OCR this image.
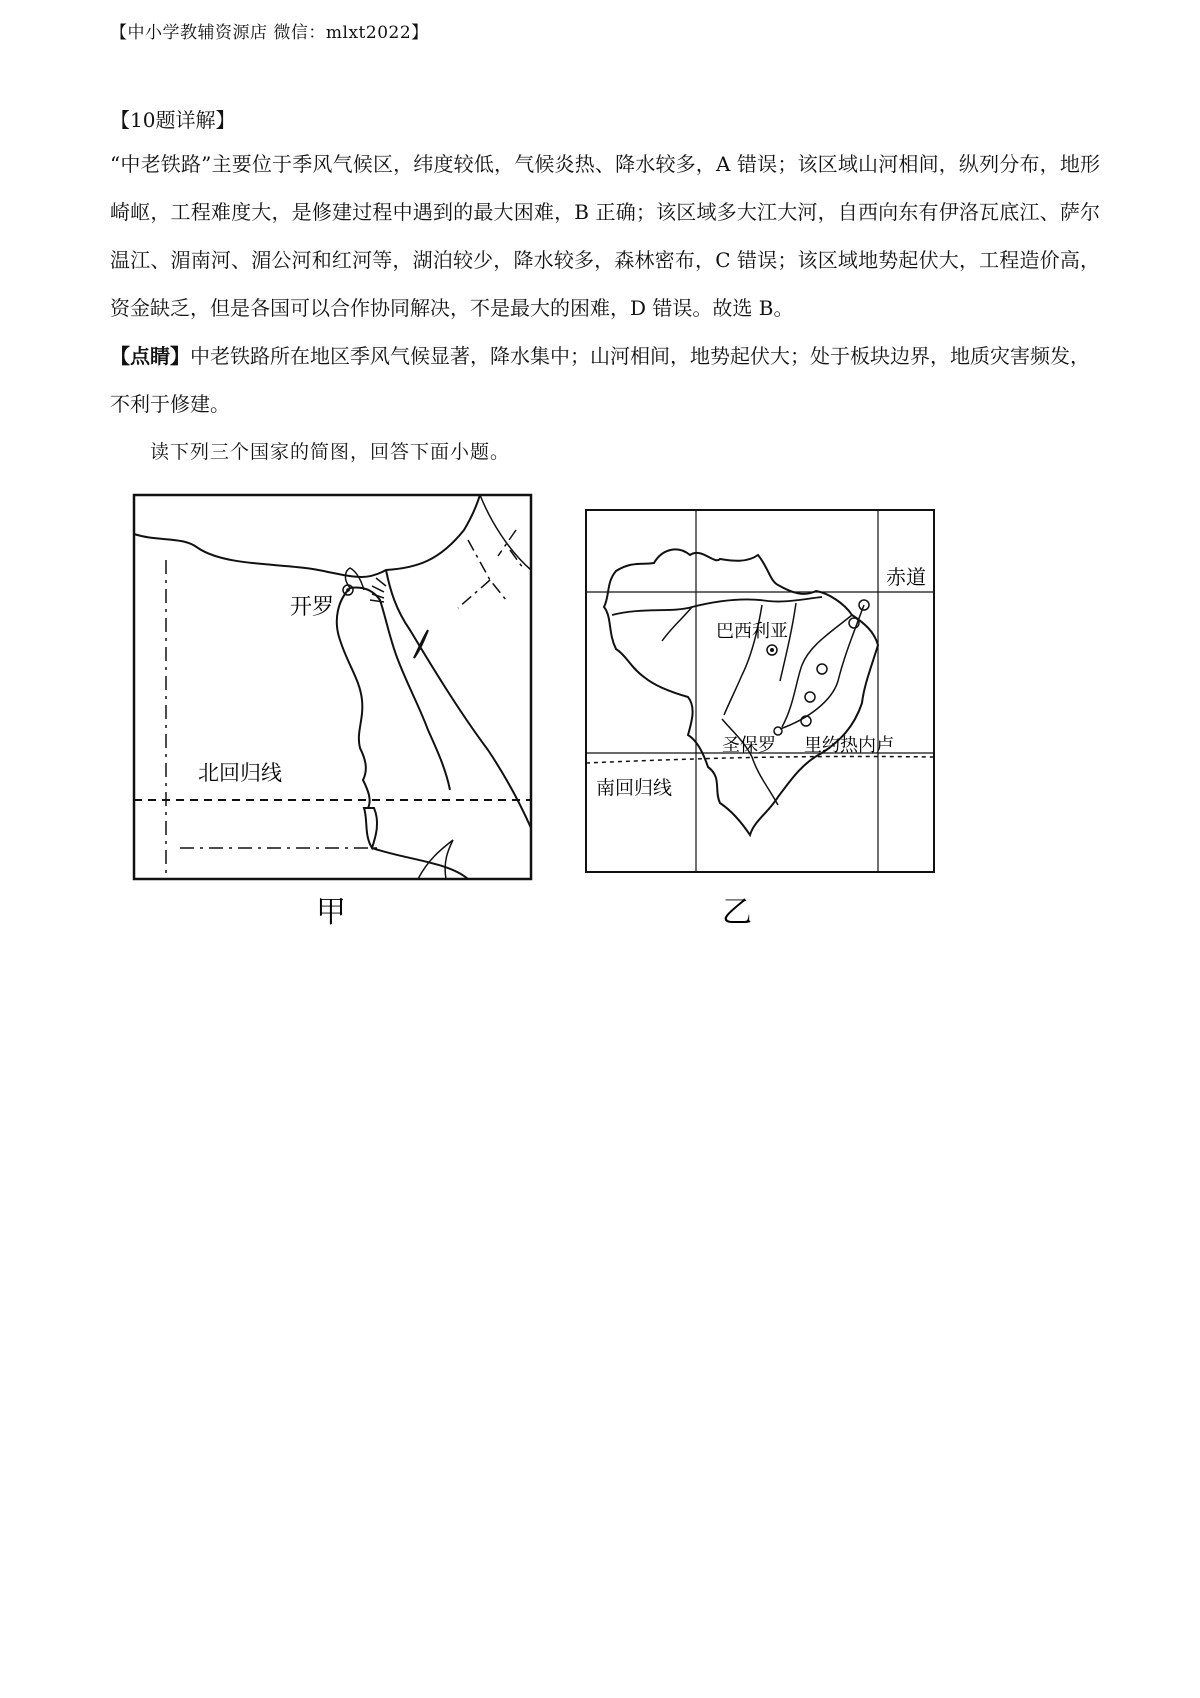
【中小学教辅资源店 微信：mlxt2022】

【10题详解】

“中老铁路”主要位于季风气候区，纬度较低，气候炎热、降水较多，A 错误；该区域山河相间，纵列分布，地形崎岖，工程难度大，是修建过程中遇到的最大困难，B 正确；该区域多大江大河，自西向东有伊洛瓦底江、萨尔温江、湄南河、湄公河和红河等，湖泊较少，降水较多，森林密布，C 错误；该区域地势起伏大，工程造价高，资金缺乏，但是各国可以合作协同解决，不是最大的困难，D 错误。故选 B。

【点睛】中老铁路所在地区季风气候显著，降水集中；山河相间，地势起伏大；处于板块边界，地质灾害频发，不利于修建。

读下列三个国家的简图，回答下面小题。

北回归线
开罗
甲
赤道
南回归线
巴西利亚
圣保罗 里约热内卢
乙
